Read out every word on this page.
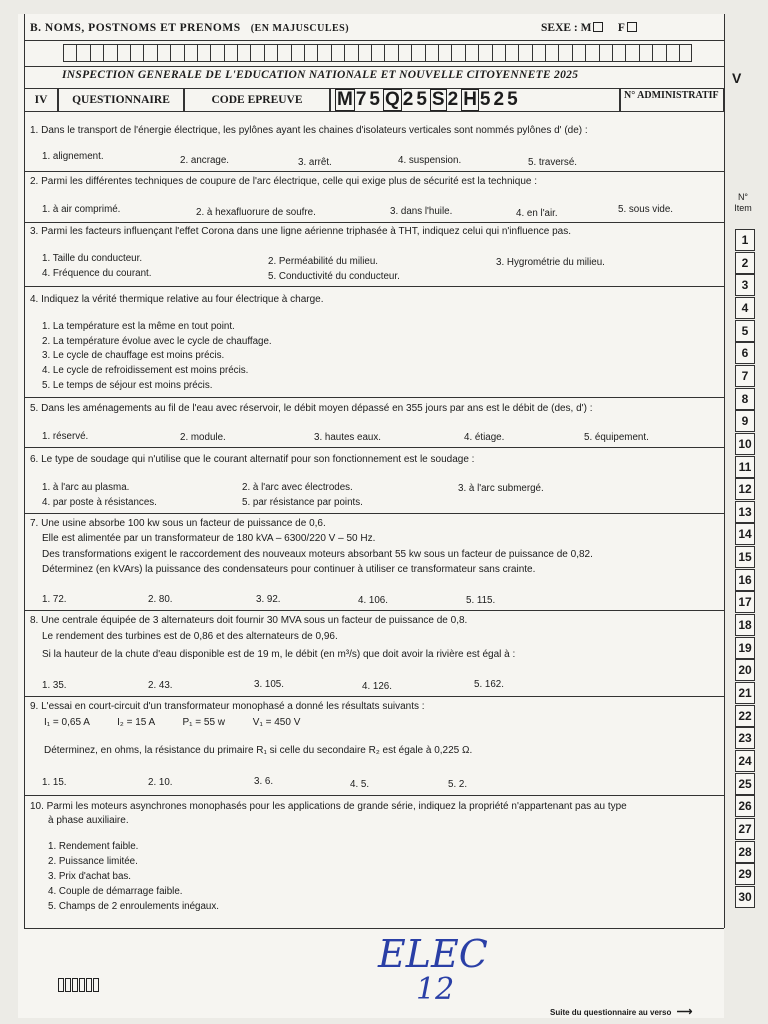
B. NOMS, POSTNOMS ET PRENOMS (EN MAJUSCULES)	SEXE : M F
INSPECTION GENERALE DE L'EDUCATION NATIONALE ET NOUVELLE CITOYENNETE 2025
IV	QUESTIONNAIRE	CODE EPREUVE	M 7 5 Q 2 5 S 2 H 5 2 5	N° ADMINISTRATIF
V
1. Dans le transport de l'énergie électrique, les pylônes ayant les chaines d'isolateurs verticales sont nommés pylônes d' (de) :
1. alignement.	2. ancrage.	3. arrêt.	4. suspension.	5. traversé.
2. Parmi les différentes techniques de coupure de l'arc électrique, celle qui exige plus de sécurité est la technique :
1. à air comprimé.	2. à hexafluorure de soufre.	3. dans l'huile.	4. en l'air.	5. sous vide.
3. Parmi les facteurs influençant l'effet Corona dans une ligne aérienne triphasée à THT, indiquez celui qui n'influence pas.
1. Taille du conducteur.	2. Perméabilité du milieu.	3. Hygrométrie du milieu.
4. Fréquence du courant.	5. Conductivité du conducteur.
4. Indiquez la vérité thermique relative au four électrique à charge.
1. La température est la même en tout point.
2. La température évolue avec le cycle de chauffage.
3. Le cycle de chauffage est moins précis.
4. Le cycle de refroidissement est moins précis.
5. Le temps de séjour est moins précis.
5. Dans les aménagements au fil de l'eau avec réservoir, le débit moyen dépassé en 355 jours par ans est le débit de (des, d') :
1. réservé.	2. module.	3. hautes eaux.	4. étiage.	5. équipement.
6. Le type de soudage qui n'utilise que le courant alternatif pour son fonctionnement est le soudage :
1. à l'arc au plasma.	2. à l'arc avec électrodes.	3. à l'arc submergé.
4. par poste à résistances.	5. par résistance par points.
7. Une usine absorbe 100 kw sous un facteur de puissance de 0,6.
Elle est alimentée par un transformateur de 180 kVA – 6300/220 V – 50 Hz.
Des transformations exigent le raccordement des nouveaux moteurs absorbant 55 kw sous un facteur de puissance de 0,82.
Déterminez (en kVArs) la puissance des condensateurs pour continuer à utiliser ce transformateur sans crainte.
1. 72.	2. 80.	3. 92.	4. 106.	5. 115.
8. Une centrale équipée de 3 alternateurs doit fournir 30 MVA sous un facteur de puissance de 0,8.
Le rendement des turbines est de 0,86 et des alternateurs de 0,96.
Si la hauteur de la chute d'eau disponible est de 19 m, le débit (en m³/s) que doit avoir la rivière est égal à :
1. 35.	2. 43.	3. 105.	4. 126.	5. 162.
9. L'essai en court-circuit d'un transformateur monophasé a donné les résultats suivants :
I₁ = 0,65 A          I₂ = 15 A          P₁ = 55 w          V₁ = 450 V
Déterminez, en ohms, la résistance du primaire R₁ si celle du secondaire R₂ est égale à 0,225 Ω.
1. 15.	2. 10.	3. 6.	4. 5.	5. 2.
10. Parmi les moteurs asynchrones monophasés pour les applications de grande série, indiquez la propriété n'appartenant pas au type
à phase auxiliaire.
1. Rendement faible.
2. Puissance limitée.
3. Prix d'achat bas.
4. Couple de démarrage faible.
5. Champs de 2 enroulements inégaux.
N°
Item
1
2
3
4
5
6
7
8
9
10
11
12
13
14
15
16
17
18
19
20
21
22
23
24
25
26
27
28
29
30
ELEC
12
Suite du questionnaire au verso  ⟶
